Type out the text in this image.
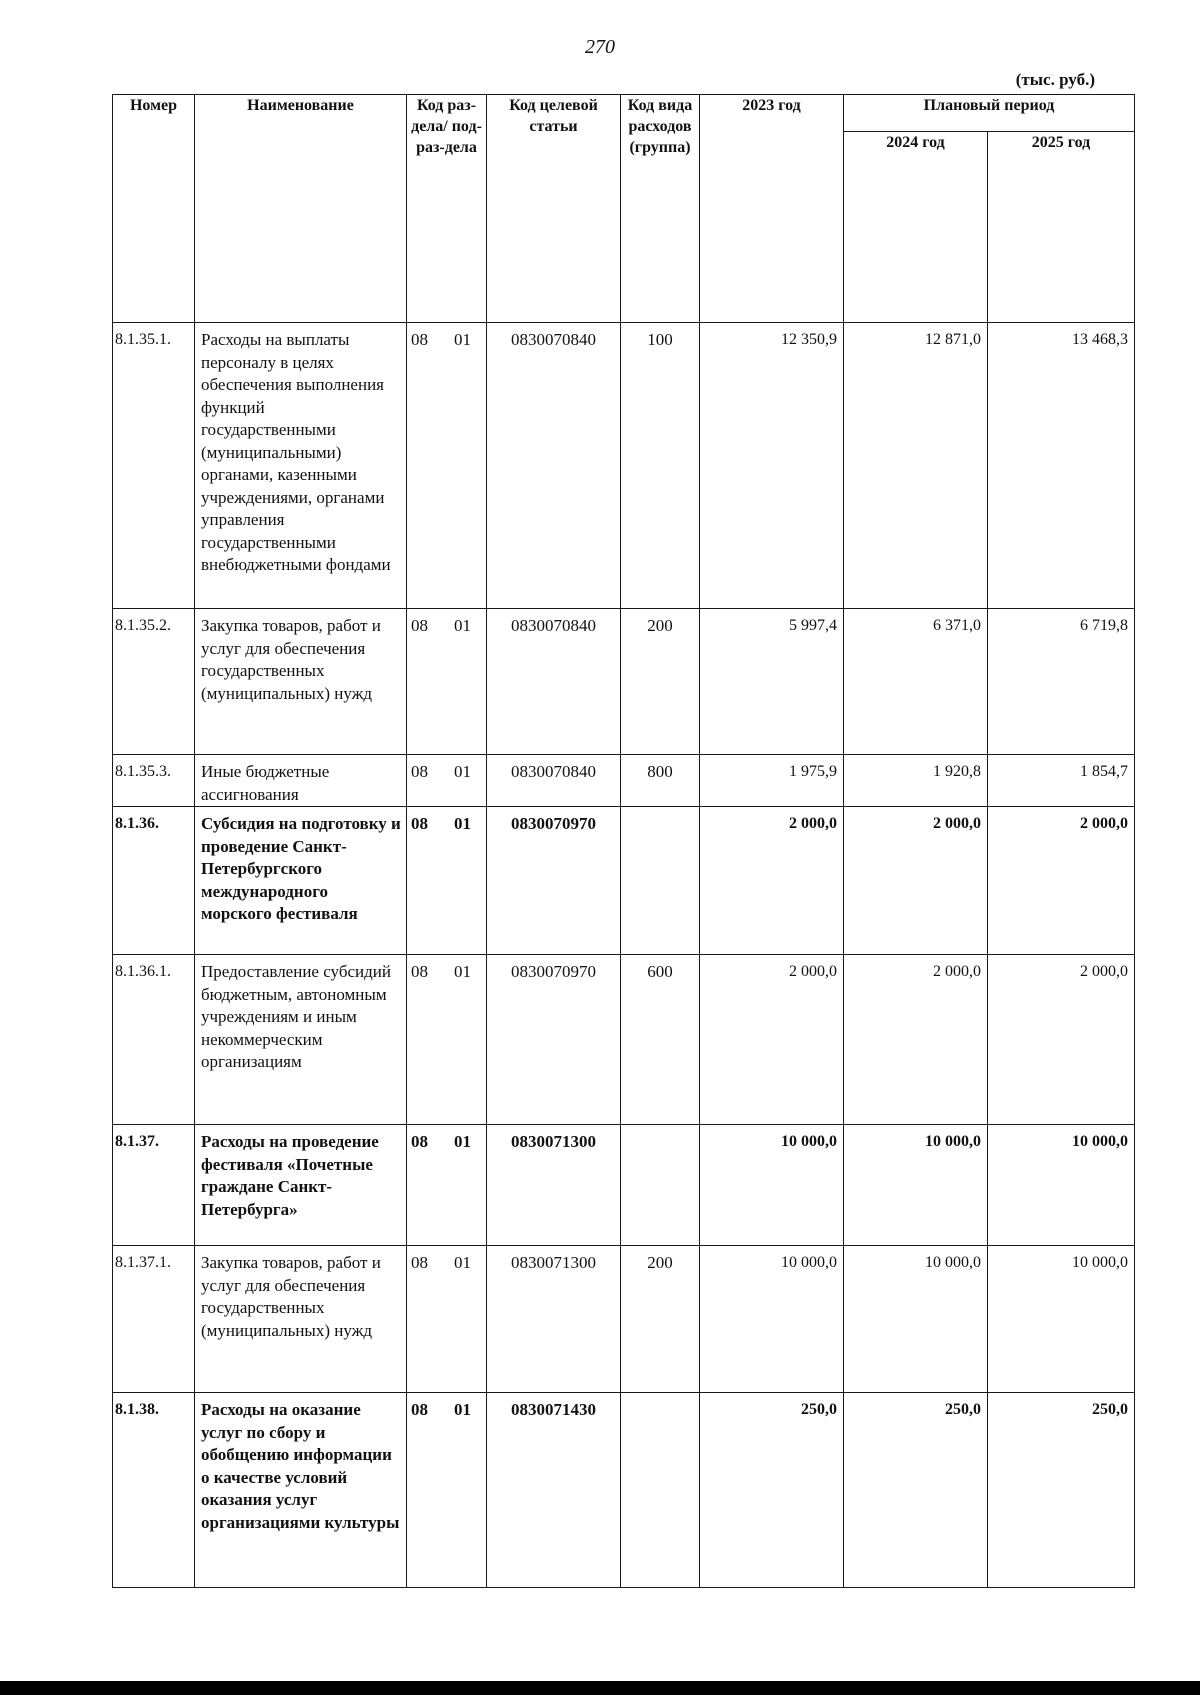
270
(тыс. руб.)
Номер	Наименование	Код раз-дела/ под-раз-дела	Код целевой статьи	Код вида расходов (группа)	2023 год	Плановый период	
						2024 год	2025 год
8.1.35.1.	Расходы на выплаты персоналу в целях обеспечения выполнения функций государственными (муниципальными) органами, казенными учреждениями, органами управления государственными внебюджетными фондами	08 01	0830070840	100	12 350,9	12 871,0	13 468,3
8.1.35.2.	Закупка товаров, работ и услуг для обеспечения государственных (муниципальных) нужд	08 01	0830070840	200	5 997,4	6 371,0	6 719,8
8.1.35.3.	Иные бюджетные ассигнования	08 01	0830070840	800	1 975,9	1 920,8	1 854,7
8.1.36.	Субсидия на подготовку и проведение Санкт-Петербургского международного морского фестиваля	08 01	0830070970		2 000,0	2 000,0	2 000,0
8.1.36.1.	Предоставление субсидий бюджетным, автономным учреждениям и иным некоммерческим организациям	08 01	0830070970	600	2 000,0	2 000,0	2 000,0
8.1.37.	Расходы на проведение фестиваля «Почетные граждане Санкт-Петербурга»	08 01	0830071300		10 000,0	10 000,0	10 000,0
8.1.37.1.	Закупка товаров, работ и услуг для обеспечения государственных (муниципальных) нужд	08 01	0830071300	200	10 000,0	10 000,0	10 000,0
8.1.38.	Расходы на оказание услуг по сбору и обобщению информации о качестве условий оказания услуг организациями культуры	08 01	0830071430		250,0	250,0	250,0
